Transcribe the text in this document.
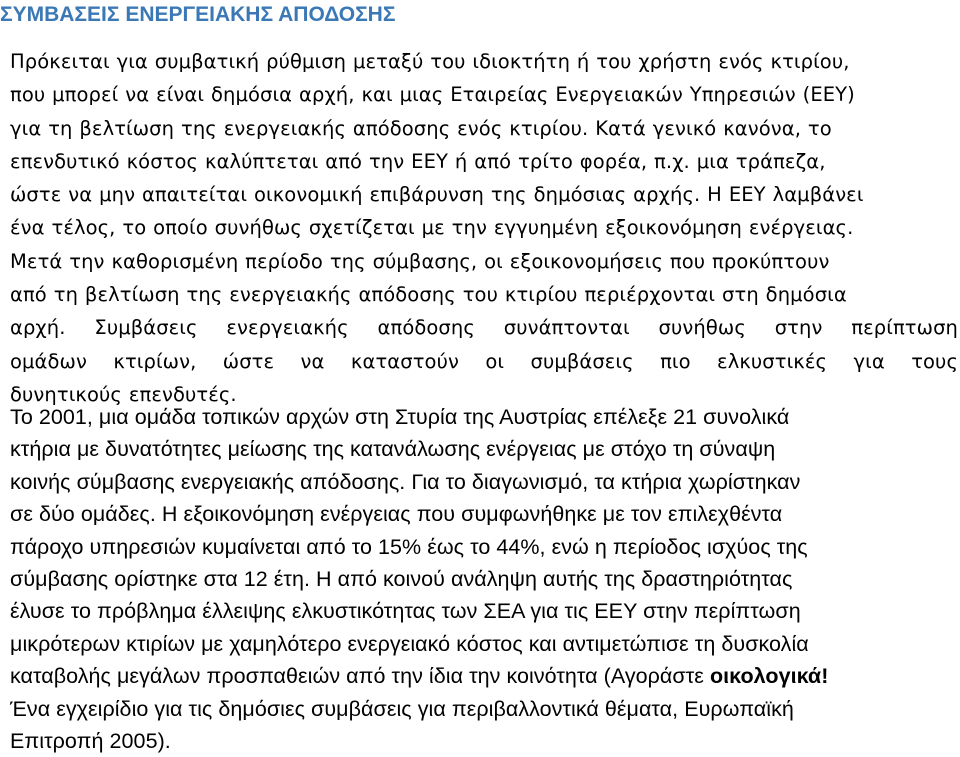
ΣΥΜΒΑΣΕΙΣ ΕΝΕΡΓΕΙΑΚΗΣ ΑΠΟΔΟΣΗΣ

Πρόκειται για συμβατική ρύθμιση μεταξύ του ιδιοκτήτη ή του χρήστη ενός κτιρίου,
που μπορεί να είναι δημόσια αρχή, και μιας Εταιρείας Ενεργειακών Υπηρεσιών (ΕΕΥ)
για τη βελτίωση της ενεργειακής απόδοσης ενός κτιρίου. Κατά γενικό κανόνα, το
επενδυτικό κόστος καλύπτεται από την ΕΕΥ ή από τρίτο φορέα, π.χ. μια τράπεζα,
ώστε να μην απαιτείται οικονομική επιβάρυνση της δημόσιας αρχής. Η ΕΕΥ λαμβάνει
ένα τέλος, το οποίο συνήθως σχετίζεται με την εγγυημένη εξοικονόμηση ενέργειας.
Μετά την καθορισμένη περίοδο της σύμβασης, οι εξοικονομήσεις που προκύπτουν
από τη βελτίωση της ενεργειακής απόδοσης του κτιρίου περιέρχονται στη δημόσια
αρχή. Συμβάσεις ενεργειακής απόδοσης συνάπτονται συνήθως στην περίπτωση
ομάδων κτιρίων, ώστε να καταστούν οι συμβάσεις πιο ελκυστικές για τους
δυνητικούς επενδυτές.

Το 2001, μια ομάδα τοπικών αρχών στη Στυρία της Αυστρίας επέλεξε 21 συνολικά
κτήρια με δυνατότητες μείωσης της κατανάλωσης ενέργειας με στόχο τη σύναψη
κοινής σύμβασης ενεργειακής απόδοσης. Για το διαγωνισμό, τα κτήρια χωρίστηκαν
σε δύο ομάδες. Η εξοικονόμηση ενέργειας που συμφωνήθηκε με τον επιλεχθέντα
πάροχο υπηρεσιών κυμαίνεται από το 15% έως το 44%, ενώ η περίοδος ισχύος της
σύμβασης ορίστηκε στα 12 έτη. Η από κοινού ανάληψη αυτής της δραστηριότητας
έλυσε το πρόβλημα έλλειψης ελκυστικότητας των ΣΕΑ για τις ΕΕΥ στην περίπτωση
μικρότερων κτιρίων με χαμηλότερο ενεργειακό κόστος και αντιμετώπισε τη δυσκολία
καταβολής μεγάλων προσπαθειών από την ίδια την κοινότητα (Αγοράστε οικολογικά!
Ένα εγχειρίδιο για τις δημόσιες συμβάσεις για περιβαλλοντικά θέματα, Ευρωπαϊκή
Επιτροπή 2005).
